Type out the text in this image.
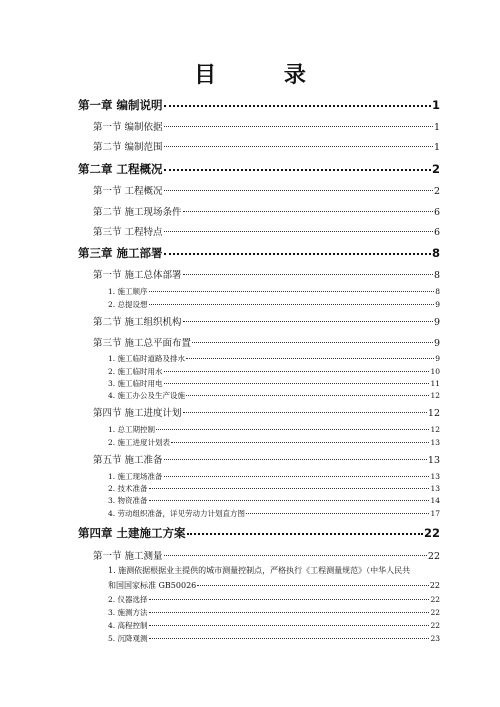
目 录
第一章 编制说明	1
第一节 编制依据	1
第二节 编制范围	1
第二章 工程概况	2
第一节 工程概况	2
第二节 施工现场条件	6
第三节 工程特点	6
第三章 施工部署	8
第一节 施工总体部署	8
1. 施工顺序	8
2. 总提设想	9
第二节 施工组织机构	9
第三节 施工总平面布置	9
1. 施工临时道路及排水	9
2. 施工临时用水	10
3. 施工临时用电	11
4. 施工办公及生产设施	12
第四节 施工进度计划	12
1. 总工期控制	12
2. 施工进度计划表	13
第五节 施工准备	13
1. 施工现场准备	13
2. 技术准备	13
3. 物资准备	14
4. 劳动组织准备，详见劳动力计划直方图	17
第四章 土建施工方案	22
第一节 施工测量	22
1. 施测依据根据业主提供的城市测量控制点，严格执行《工程测量规范》（中华人民共
和国国家标准 GB50026	22
2. 仪器选择	22
3. 施测方法	22
4. 高程控制	22
5. 沉降观测	23
